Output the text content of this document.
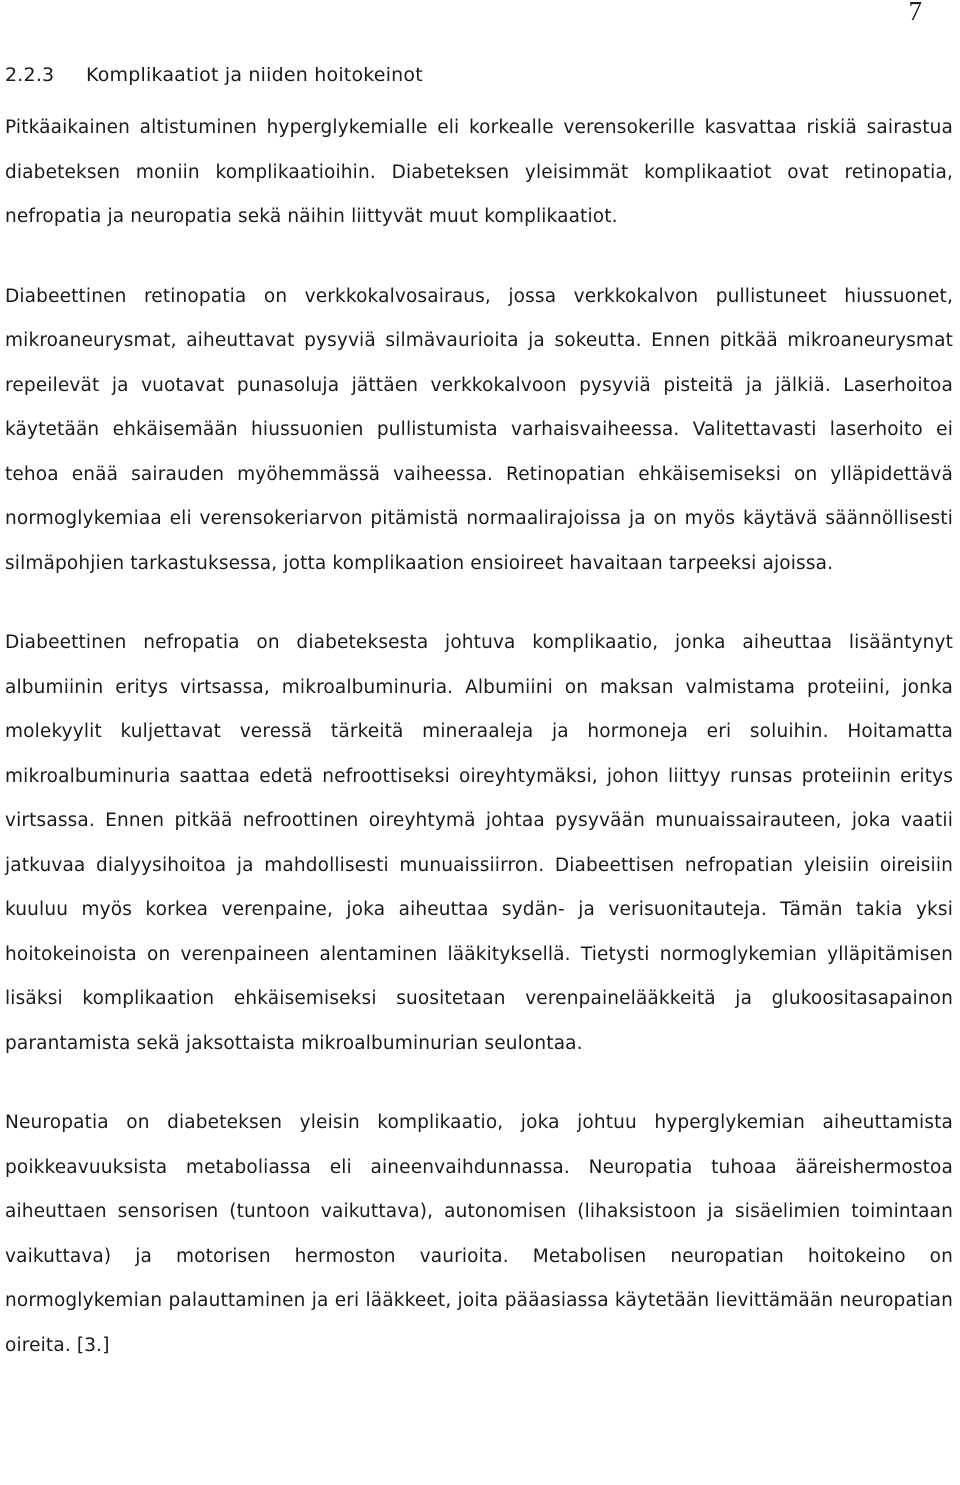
7
2.2.3 Komplikaatiot ja niiden hoitokeinot

Pitkäaikainen altistuminen hyperglykemialle eli korkealle verensokerille kasvattaa riskiä sairastua diabeteksen moniin komplikaatioihin. Diabeteksen yleisimmät komplikaatiot ovat retinopatia, nefropatia ja neuropatia sekä näihin liittyvät muut komplikaatiot.

Diabeettinen retinopatia on verkkokalvosairaus, jossa verkkokalvon pullistuneet hiussuonet, mikroaneurysmat, aiheuttavat pysyviä silmävaurioita ja sokeutta. Ennen pitkää mikroaneurysmat repeilevät ja vuotavat punasoluja jättäen verkkokalvoon pysyviä pisteitä ja jälkiä. Laserhoitoa käytetään ehkäisemään hiussuonien pullistumista varhaisvaiheessa. Valitettavasti laserhoito ei tehoa enää sairauden myöhemmässä vaiheessa. Retinopatian ehkäisemiseksi on ylläpidettävä normoglykemiaa eli verensokeriarvon pitämistä normaalirajoissa ja on myös käytävä säännöllisesti silmäpohjien tarkastuksessa, jotta komplikaation ensioireet havaitaan tarpeeksi ajoissa.

Diabeettinen nefropatia on diabeteksesta johtuva komplikaatio, jonka aiheuttaa lisääntynyt albumiinin eritys virtsassa, mikroalbuminuria. Albumiini on maksan valmistama proteiini, jonka molekyylit kuljettavat veressä tärkeitä mineraaleja ja hormoneja eri soluihin. Hoitamatta mikroalbuminuria saattaa edetä nefroottiseksi oireyhtymäksi, johon liittyy runsas proteiinin eritys virtsassa. Ennen pitkää nefroottinen oireyhtymä johtaa pysyvään munuaissairauteen, joka vaatii jatkuvaa dialyysihoitoa ja mahdollisesti munuaissiirron. Diabeettisen nefropatian yleisiin oireisiin kuuluu myös korkea verenpaine, joka aiheuttaa sydän- ja verisuonitauteja. Tämän takia yksi hoitokeinoista on verenpaineen alentaminen lääkityksellä. Tietysti normoglykemian ylläpitämisen lisäksi komplikaation ehkäisemiseksi suositetaan verenpainelääkkeitä ja glukoositasapainon parantamista sekä jaksottaista mikroalbuminurian seulontaa.

Neuropatia on diabeteksen yleisin komplikaatio, joka johtuu hyperglykemian aiheuttamista poikkeavuuksista metaboliassa eli aineenvaihdunnassa. Neuropatia tuhoaa ääreishermostoa aiheuttaen sensorisen (tuntoon vaikuttava), autonomisen (lihaksistoon ja sisäelimien toimintaan vaikuttava) ja motorisen hermoston vaurioita. Metabolisen neuropatian hoitokeino on normoglykemian palauttaminen ja eri lääkkeet, joita pääasiassa käytetään lievittämään neuropatian oireita. [3.]
